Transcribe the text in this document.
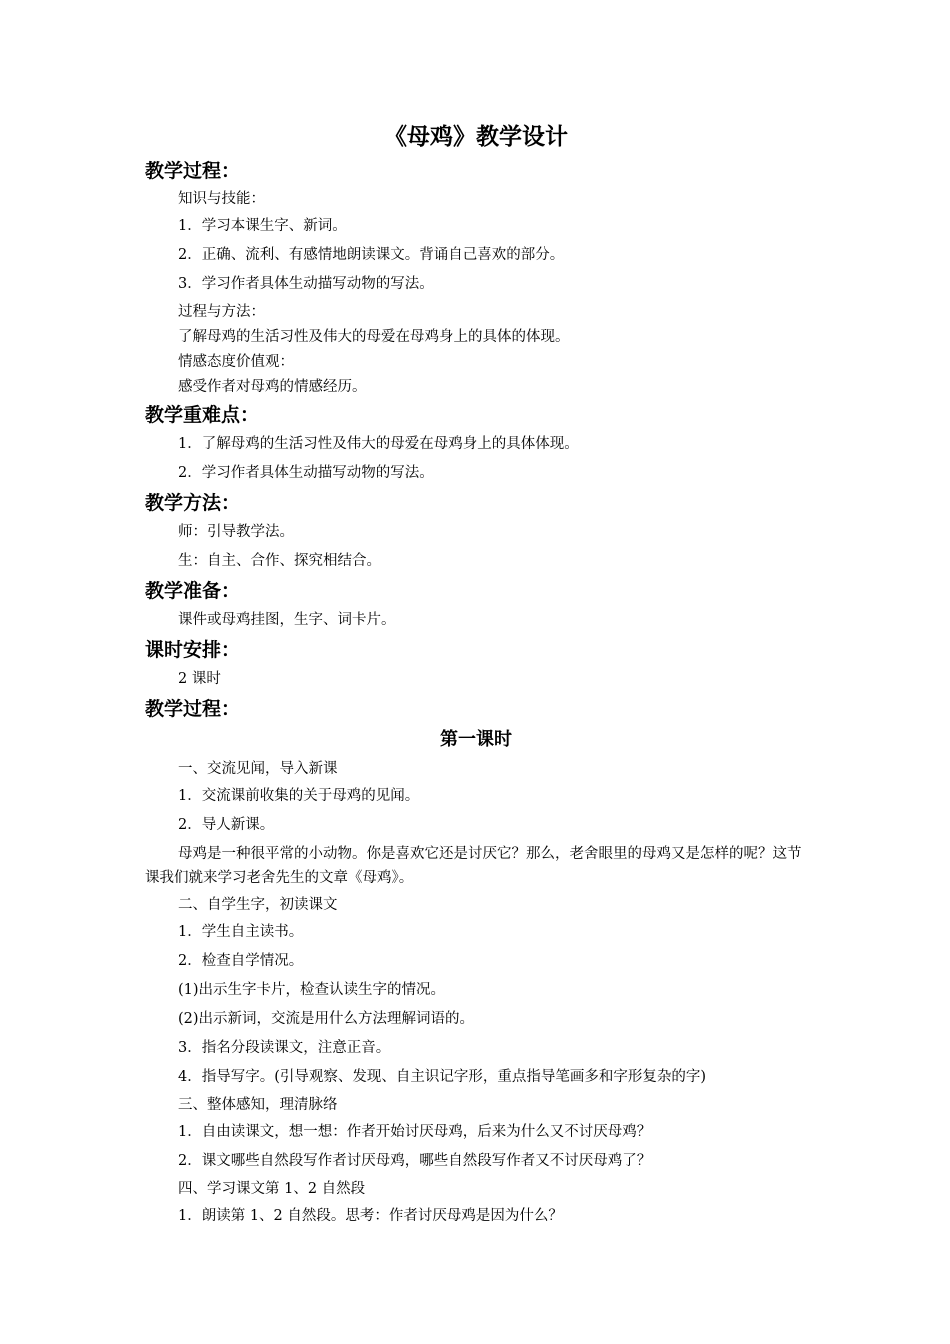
《母鸡》教学设计
教学过程：

知识与技能：

1．学习本课生字、新词。

2．正确、流利、有感情地朗读课文。背诵自己喜欢的部分。

3．学习作者具体生动描写动物的写法。

过程与方法：

了解母鸡的生活习性及伟大的母爱在母鸡身上的具体的体现。

情感态度价值观：

感受作者对母鸡的情感经历。

教学重难点：

1．了解母鸡的生活习性及伟大的母爱在母鸡身上的具体体现。

2．学习作者具体生动描写动物的写法。

教学方法：

师：引导教学法。

生：自主、合作、探究相结合。

教学准备：

课件或母鸡挂图，生字、词卡片。

课时安排：

2 课时

教学过程：
第一课时

一、交流见闻，导入新课

1．交流课前收集的关于母鸡的见闻。

2．导人新课。

母鸡是一种很平常的小动物。你是喜欢它还是讨厌它？那么，老舍眼里的母鸡又是怎样的呢？这节课我们就来学习老舍先生的文章《母鸡》。

二、自学生字，初读课文

1．学生自主读书。

2．检查自学情况。

(1)出示生字卡片，检查认读生字的情况。

(2)出示新词，交流是用什么方法理解词语的。

3．指名分段读课文，注意正音。

4．指导写字。(引导观察、发现、自主识记字形，重点指导笔画多和字形复杂的字)

三、整体感知，理清脉络

1．自由读课文，想一想：作者开始讨厌母鸡，后来为什么又不讨厌母鸡？

2．课文哪些自然段写作者讨厌母鸡，哪些自然段写作者又不讨厌母鸡了？

四、学习课文第 1、2 自然段

1．朗读第 1、2 自然段。思考：作者讨厌母鸡是因为什么？
